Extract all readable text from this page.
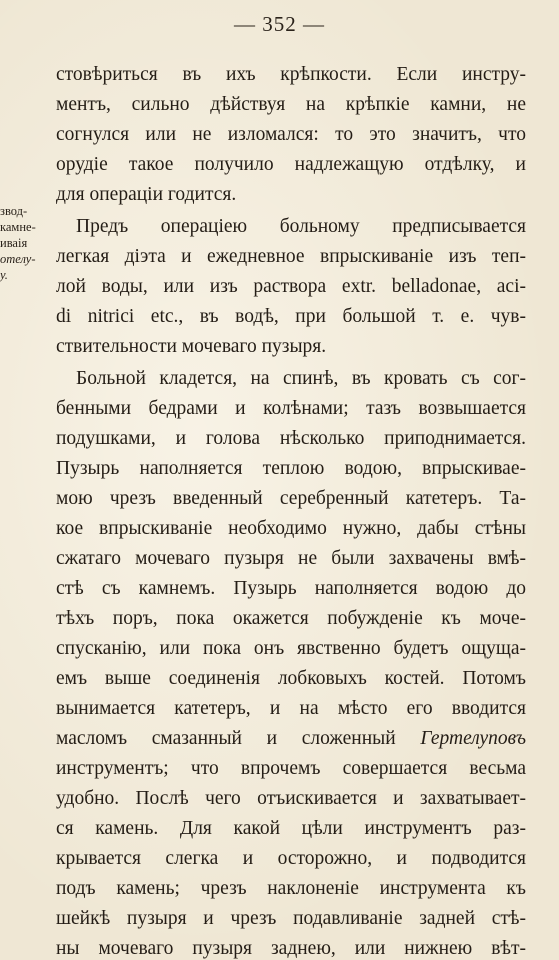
— 352 —
звод-
камне-
иваія
отелу-
у.
стовѣриться въ ихъ крѣпкости. Если инстру-
ментъ, сильно дѣйствуя на крѣпкіе камни, не
согнулся или не изломался: то это значитъ, что
орудіе такое получило надлежащую отдѣлку, и
для операціи годится.
Предъ операціею больному предписывается
легкая діэта и ежедневное впрыскиваніе изъ теп-
лой воды, или изъ раствора extr. belladonae, aci-
di nitrici etc., въ водѣ, при большой т. е. чув-
ствительности мочеваго пузыря.
Больной кладется, на спинѣ, въ кровать съ сог-
бенными бедрами и колѣнами; тазъ возвышается
подушками, и голова нѣсколько приподнимается.
Пузырь наполняется теплою водою, впрыскивае-
мою чрезъ введенный серебренный катетеръ. Та-
кое впрыскиваніе необходимо нужно, дабы стѣны
сжатаго мочеваго пузыря не были захвачены вмѣ-
стѣ съ камнемъ. Пузырь наполняется водою до
тѣхъ поръ, пока окажется побужденіе къ моче-
спусканію, или пока онъ явственно будетъ ощуща-
емъ выше соединенія лобковыхъ костей. Потомъ
вынимается катетеръ, и на мѣсто его вводится
масломъ смазанный и сложенный Гертелуповъ
инструментъ; что впрочемъ совершается весьма
удобно. Послѣ чего отъискивается и захватывает-
ся камень. Для какой цѣли инструментъ раз-
крывается слегка и осторожно, и подводится
подъ камень; чрезъ наклоненіе инструмента къ
шейкѣ пузыря и чрезъ подавливаніе задней стѣ-
ны мочеваго пузыря заднею, или нижнею вѣт-
